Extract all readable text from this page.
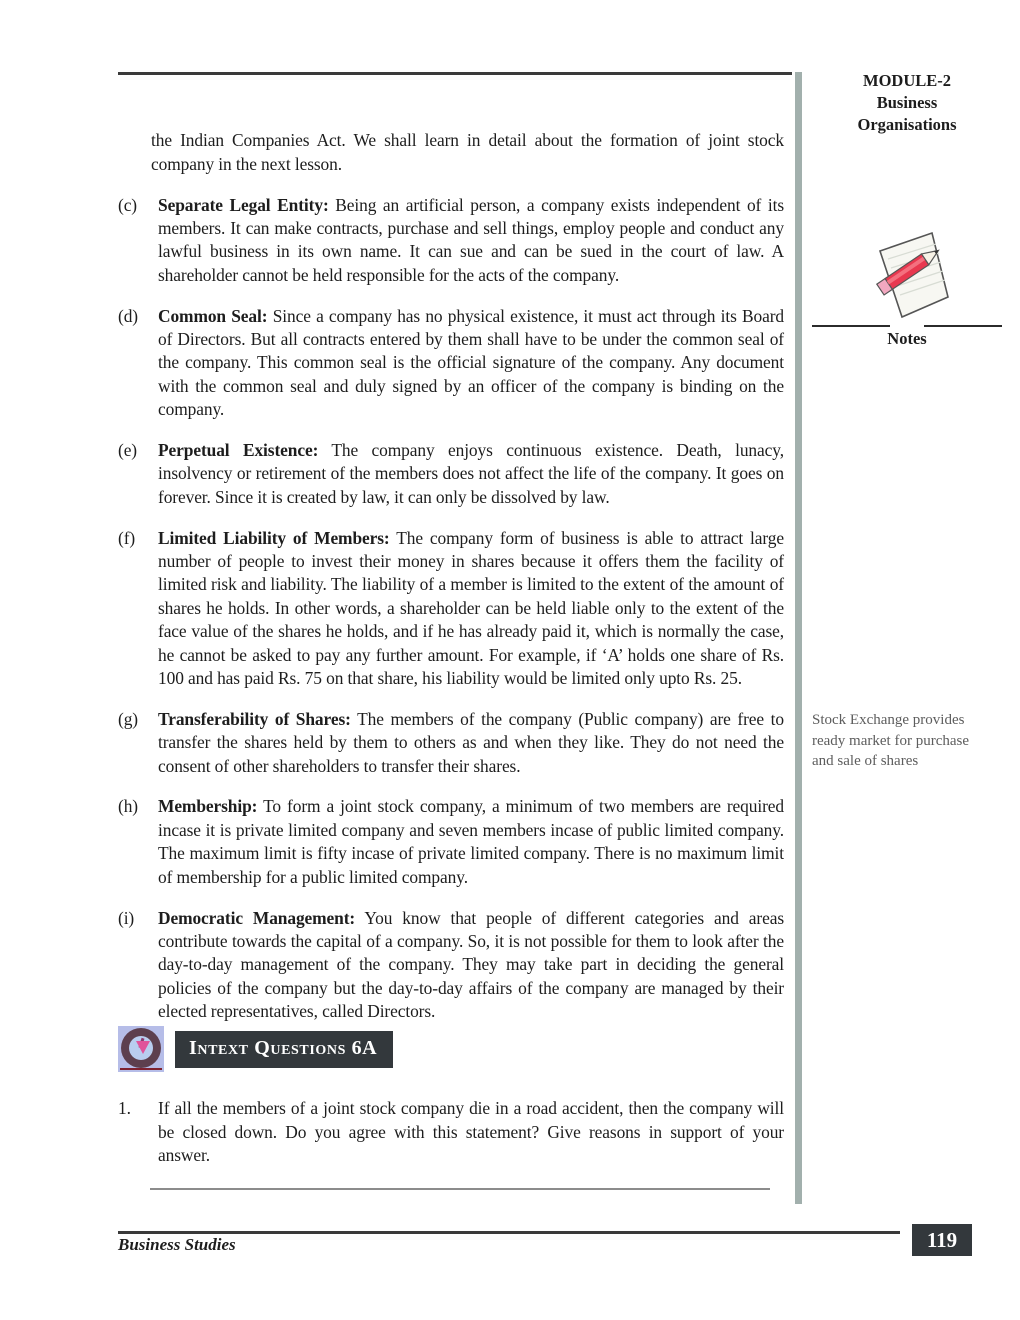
the Indian Companies Act. We shall learn in detail about the formation of joint stock company in the next lesson.

(c)	Separate Legal Entity: Being an artificial person, a company exists independent of its members. It can make contracts, purchase and sell things, employ people and conduct any lawful business in its own name. It can sue and can be sued in the court of law. A shareholder cannot be held responsible for the acts of the company.

(d)	Common Seal: Since a company has no physical existence, it must act through its Board of Directors. But all contracts entered by them shall have to be under the common seal of the company. This common seal is the official signature of the company. Any document with the common seal and duly signed by an officer of the company is binding on the company.

(e)	Perpetual Existence: The company enjoys continuous existence. Death, lunacy, insolvency or retirement of the members does not affect the life of the company. It goes on forever. Since it is created by law, it can only be dissolved by law.

(f)	Limited Liability of Members: The company form of business is able to attract large number of people to invest their money in shares because it offers them the facility of limited risk and liability. The liability of a member is limited to the extent of the amount of shares he holds. In other words, a shareholder can be held liable only to the extent of the face value of the shares he holds, and if he has already paid it, which is normally the case, he cannot be asked to pay any further amount. For example, if ‘A’ holds one share of Rs. 100 and has paid Rs. 75 on that share, his liability would be limited only upto Rs. 25.

(g)	Transferability of Shares: The members of the company (Public company) are free to transfer the shares held by them to others as and when they like. They do not need the consent of other shareholders to transfer their shares.

(h)	Membership: To form a joint stock company, a minimum of two members are required incase it is private limited company and seven members incase of public limited company. The maximum limit is fifty incase of private limited company. There is no maximum limit of membership for a public limited company.

(i)	Democratic Management: You know that people of different categories and areas contribute towards the capital of a company. So, it is not possible for them to look after the day-to-day management of the company. They may take part in deciding the general policies of the company but the day-to-day affairs of the company are managed by their elected representatives, called Directors.

Intext Questions 6A

1.	If all the members of a joint stock company die in a road accident, then the company will be closed down. Do you agree with this statement? Give reasons in support of your answer.

MODULE-2
Business
Organisations
Notes
Stock Exchange provides ready market for purchase and sale of shares
Business Studies	119
